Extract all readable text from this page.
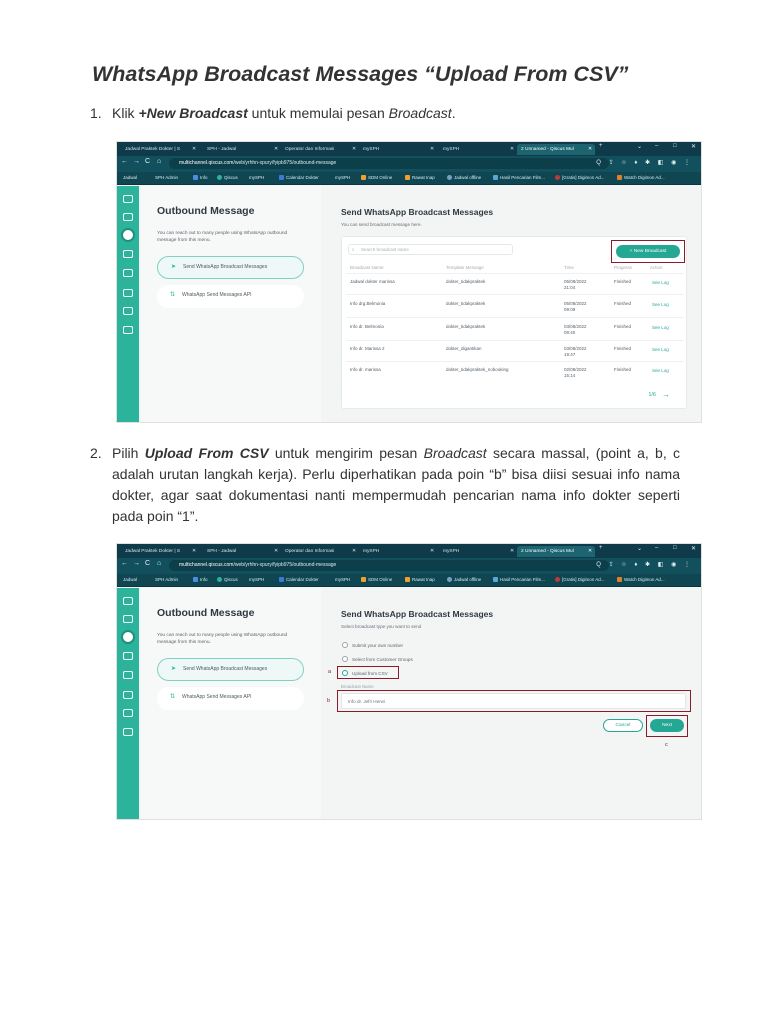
WhatsApp Broadcast Messages “Upload From CSV”
1. Klik +New Broadcast untuk memulai pesan Broadcast.
Jadwal Praktek Dokter | S ✕	SPH - Jadwal	✕	Operator dan Informasi	✕	mySPH	✕	mySPH	✕	2 Unnamed - Qiscus Mul	✕
+	⌄ – □ ✕
← → C ⌂	multichannel.qiscus.com/web/yrhhn-xpury/fyipb975/outbound-message	Q ⇪ ☆ ♦ ✱ ◧ ◉ ⋮
Jadwal	SPH Admin	Info	Qiscus mySPH	Calendar Dokter	mySPH	SDM Online	Rawat Inap	Jadwal offline	Hasil Pencarian Film...	[Gratis] Digimon Ad...	Watch Digimon Ad...
Outbound Message
You can reach out to many people using WhatsApp outbound message from this menu.
➤ Send WhatsApp Broadcast Messages
⇅ WhatsApp Send Messages API
Send WhatsApp Broadcast Messages
You can send broadcast message here.
⌕ Search broadcast name	+ New Broadcast
Broadcast Name	Template Message	Time	Progress	Action
Jadwal dokter marissa	dokter_tidakpraktek	05/08/2022
21:04
Finished	See Log
Info drg.Belmonia	dokter_tidakpraktek	05/08/2022
09:09
Finished	See Log
Info dr. Belmonia	dokter_tidakpraktek	03/08/2022
09:40
Finished	See Log
Info dr. Marissa 2	dokter_digantikan	03/08/2022
19:47
Finished	See Log
Info dr. marissa	dokter_tidakpraktek_nobooking	02/08/2022
15:14
Finished	See Log
1/6 →
2. Pilih Upload From CSV untuk mengirim pesan Broadcast secara massal, (point a, b, c adalah urutan langkah kerja). Perlu diperhatikan pada poin “b” bisa diisi sesuai info nama dokter, agar saat dokumentasi nanti mempermudah pencarian nama info dokter seperti pada poin “1”.
Jadwal Praktek Dokter | S ✕	SPH - Jadwal	✕	Operator dan Informasi	✕	mySPH	✕	mySPH	✕	2 Unnamed - Qiscus Mul	✕
+	⌄ – □ ✕
← → C ⌂	multichannel.qiscus.com/web/yrhhn-xpury/fyipb975/outbound-message	Q ⇪ ☆ ♦ ✱ ◧ ◉ ⋮
Jadwal	SPH Admin	Info	Qiscus mySPH	Calendar Dokter	mySPH	SDM Online	Rawat Inap	Jadwal offline	Hasil Pencarian Film...	[Gratis] Digimon Ad...	Watch Digimon Ad...
Outbound Message
You can reach out to many people using WhatsApp outbound message from this menu.
➤ Send WhatsApp Broadcast Messages
⇅ WhatsApp Send Messages API
Send WhatsApp Broadcast Messages
Select broadcast type you want to send
Submit your own number
Select from Customer Groups
Upload from CSV
a
Broadcast Name
Info dr. Jefri Herwi
b
Cancel	Next
c
